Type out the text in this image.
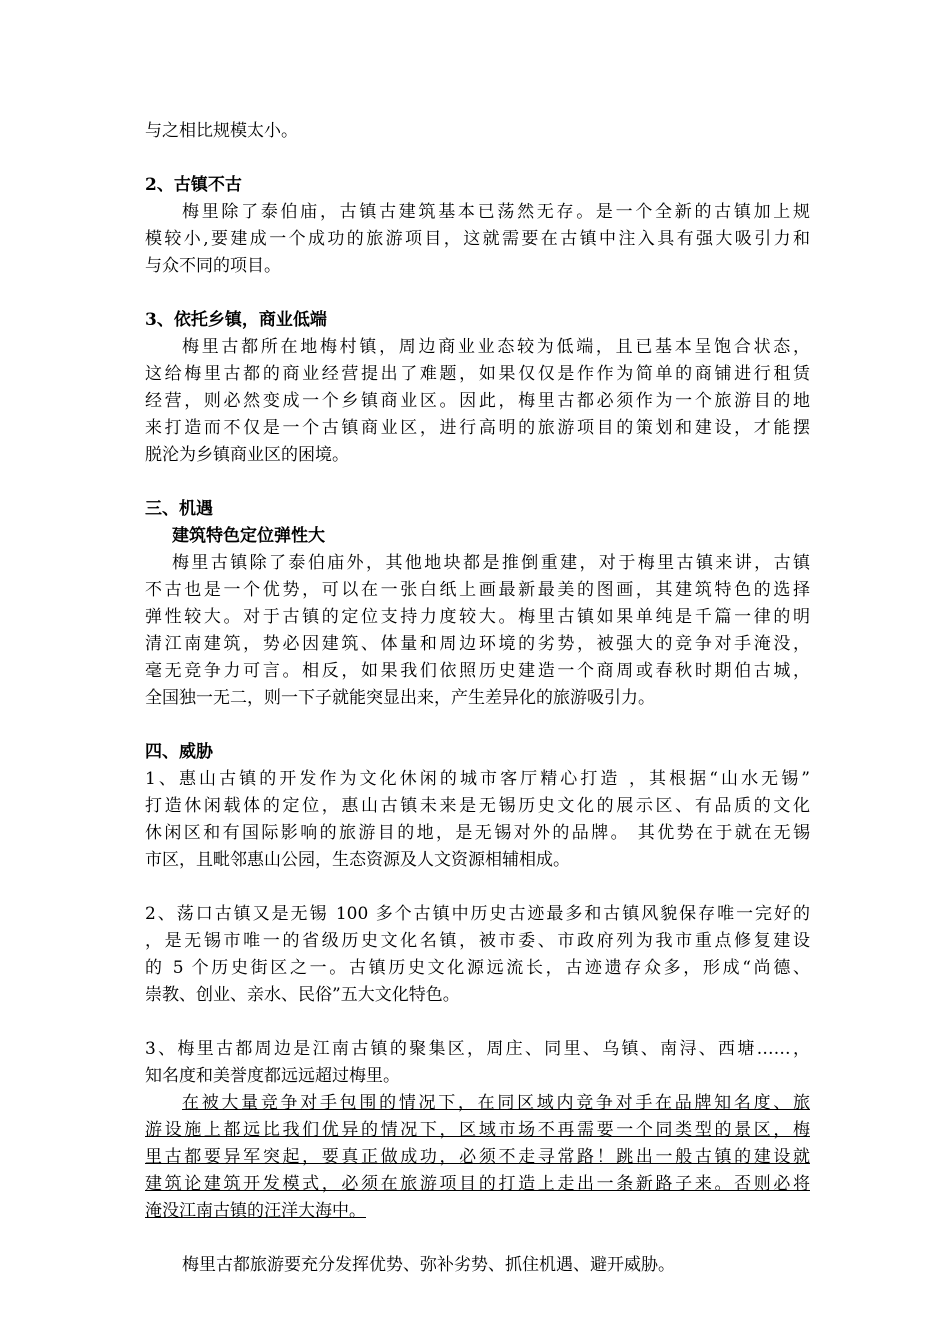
与之相比规模太小。
2、古镇不古
梅里除了泰伯庙，古镇古建筑基本已荡然无存。是一个全新的古镇加上规
模较小,要建成一个成功的旅游项目，这就需要在古镇中注入具有强大吸引力和
与众不同的项目。
3、依托乡镇，商业低端
梅里古都所在地梅村镇，周边商业业态较为低端，且已基本呈饱合状态，
这给梅里古都的商业经营提出了难题，如果仅仅是作作为简单的商铺进行租赁
经营，则必然变成一个乡镇商业区。因此，梅里古都必须作为一个旅游目的地
来打造而不仅是一个古镇商业区，进行高明的旅游项目的策划和建设，才能摆
脱沦为乡镇商业区的困境。
三、机遇
建筑特色定位弹性大
梅里古镇除了泰伯庙外，其他地块都是推倒重建，对于梅里古镇来讲，古镇
不古也是一个优势，可以在一张白纸上画最新最美的图画，其建筑特色的选择
弹性较大。对于古镇的定位支持力度较大。梅里古镇如果单纯是千篇一律的明
清江南建筑，势必因建筑、体量和周边环境的劣势，被强大的竞争对手淹没，
毫无竞争力可言。相反，如果我们依照历史建造一个商周或春秋时期伯古城，
全国独一无二，则一下子就能突显出来，产生差异化的旅游吸引力。
四、威胁
1、惠山古镇的开发作为文化休闲的城市客厅精心打造 ，其根据“山水无锡”
打造休闲载体的定位，惠山古镇未来是无锡历史文化的展示区、有品质的文化
休闲区和有国际影响的旅游目的地，是无锡对外的品牌。 其优势在于就在无锡
市区，且毗邻惠山公园，生态资源及人文资源相辅相成。
2、荡口古镇又是无锡 100 多个古镇中历史古迹最多和古镇风貌保存唯一完好的
，是无锡市唯一的省级历史文化名镇，被市委、市政府列为我市重点修复建设
的 5 个历史街区之一。古镇历史文化源远流长，古迹遗存众多，形成“尚德、
崇教、创业、亲水、民俗”五大文化特色。
3、梅里古都周边是江南古镇的聚集区，周庄、同里、乌镇、南浔、西塘……，
知名度和美誉度都远远超过梅里。
在被大量竞争对手包围的情况下，在同区域内竞争对手在品牌知名度、旅
游设施上都远比我们优异的情况下，区域市场不再需要一个同类型的景区，梅
里古都要异军突起，要真正做成功，必须不走寻常路！跳出一般古镇的建设就
建筑论建筑开发模式，必须在旅游项目的打造上走出一条新路子来。否则必将
淹没江南古镇的汪洋大海中。
梅里古都旅游要充分发挥优势、弥补劣势、抓住机遇、避开威胁。
